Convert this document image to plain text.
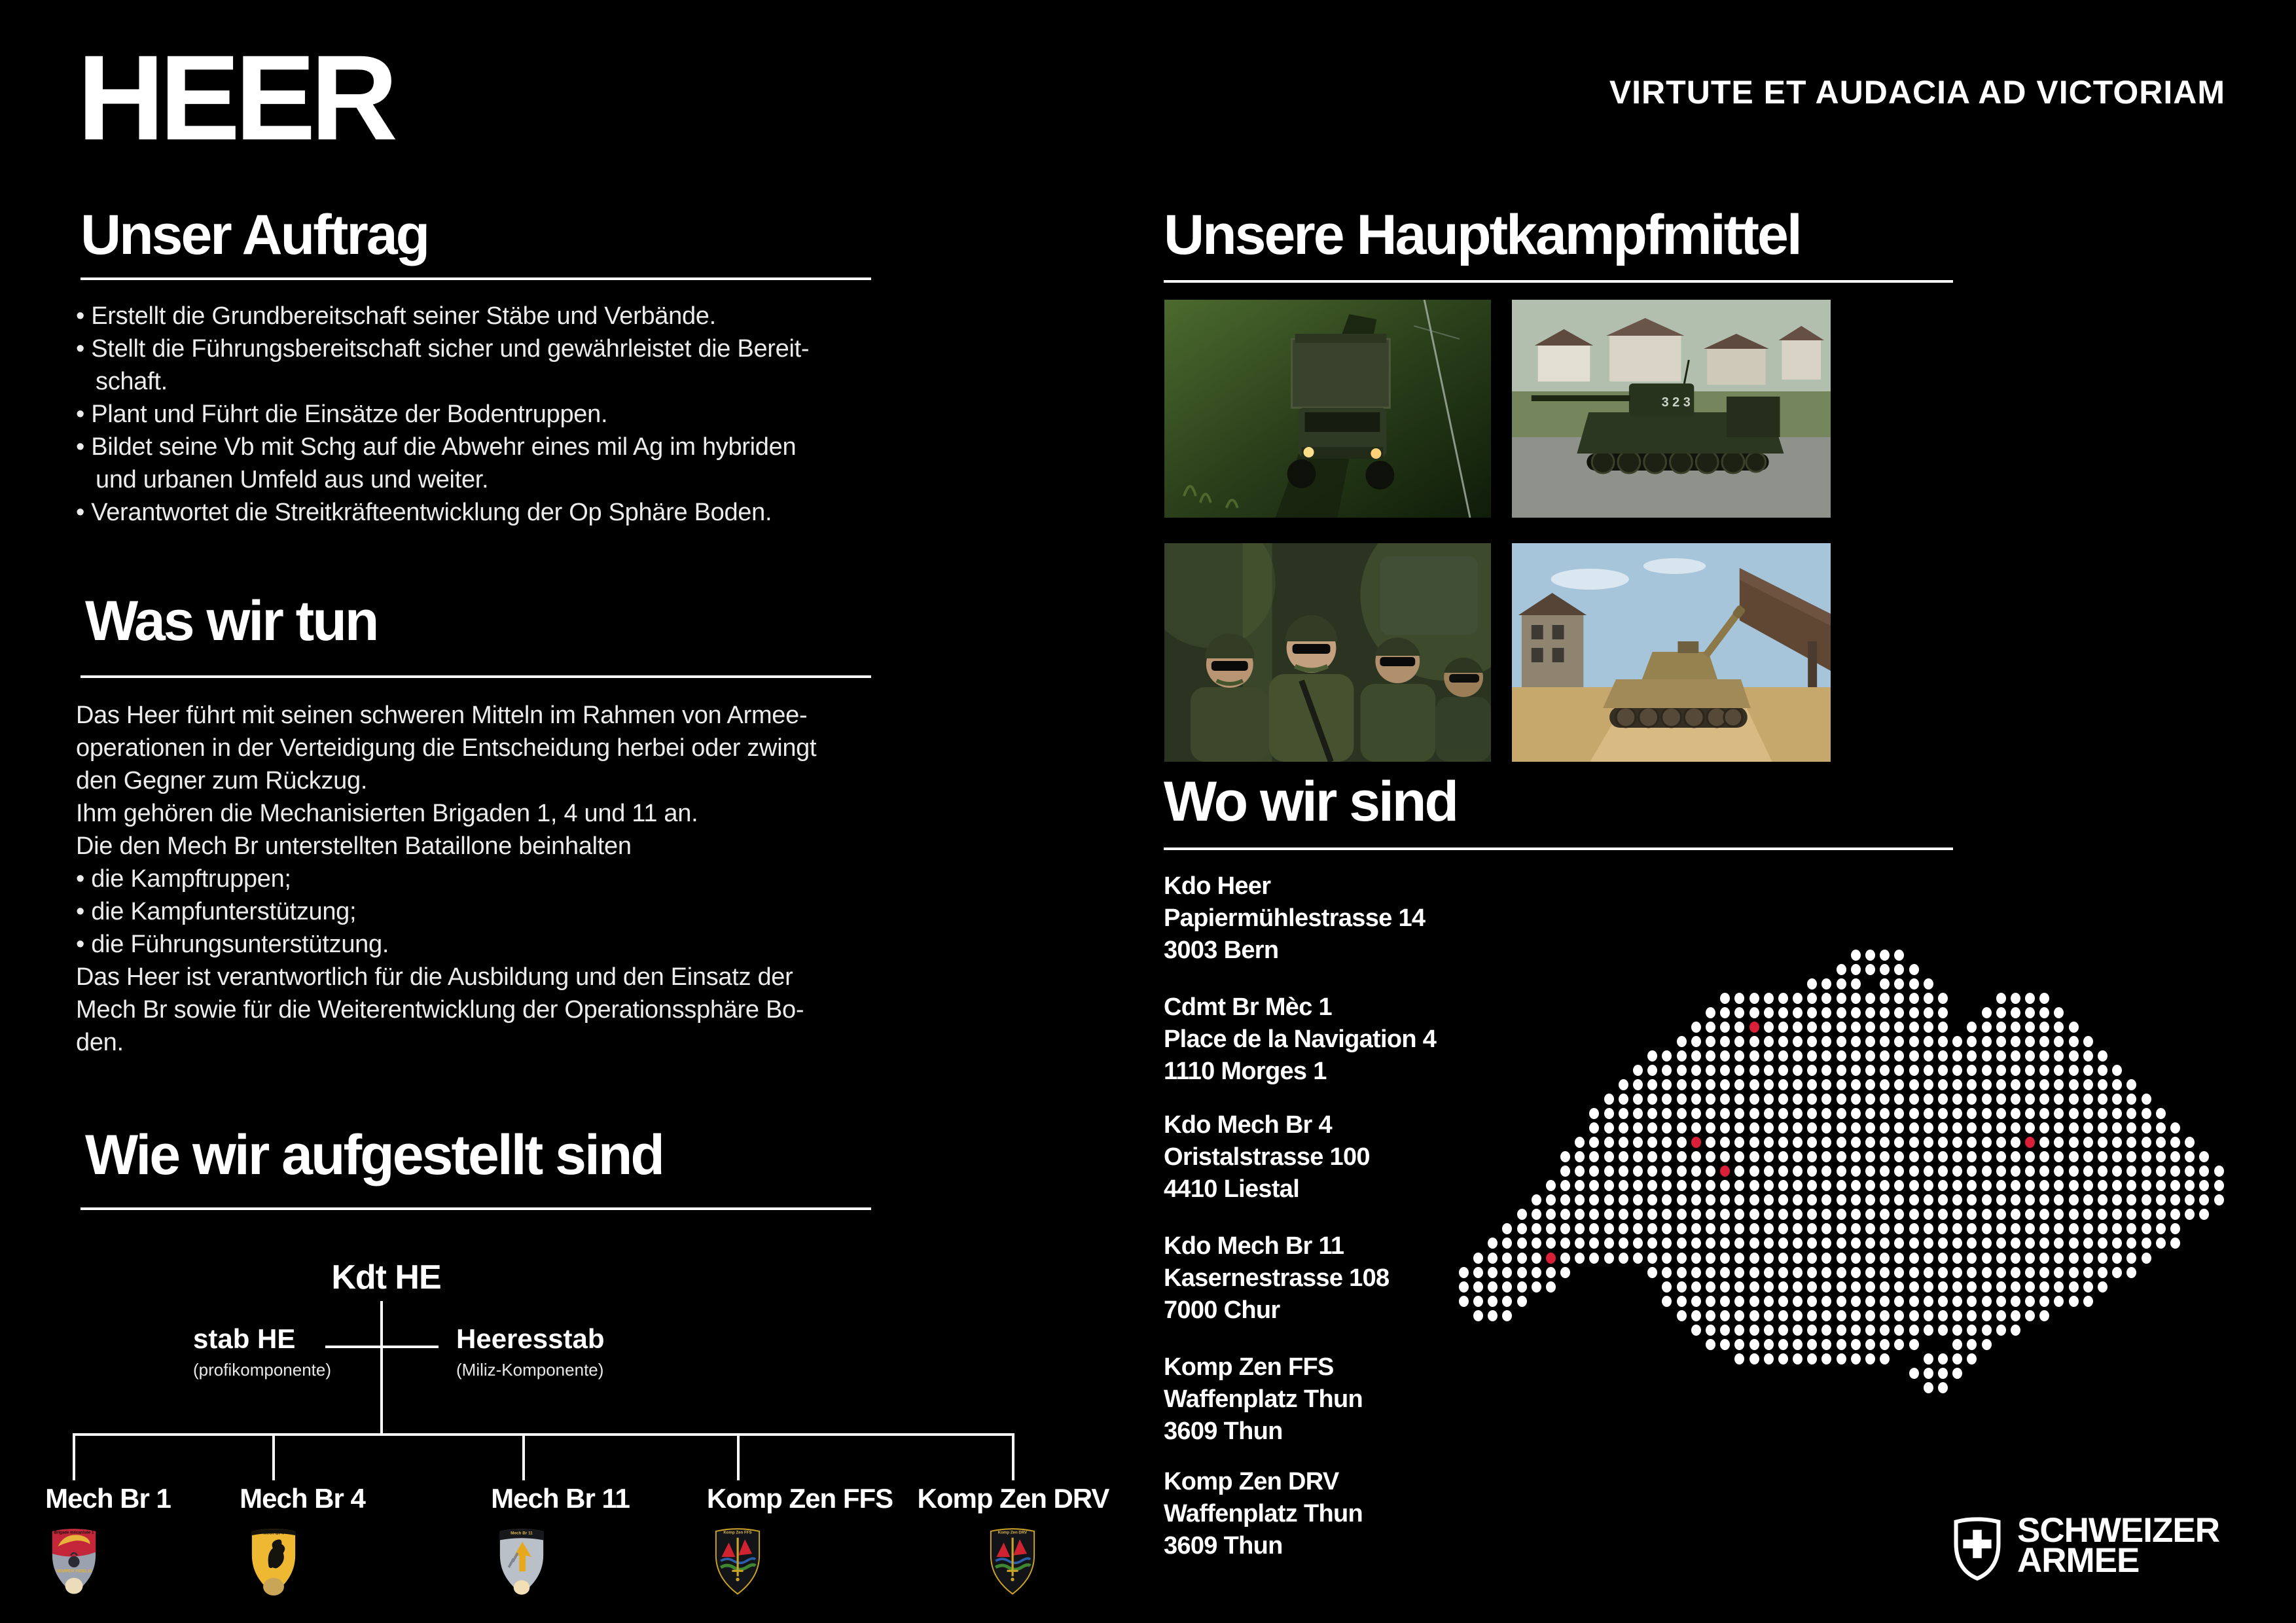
HEER	VIRTUTE ET AUDACIA AD VICTORIAM
Unser Auftrag
• Erstellt die Grundbereitschaft seiner Stäbe und Verbände.
• Stellt die Führungsbereitschaft sicher und gewährleistet die Bereit-
schaft.
• Plant und Führt die Einsätze der Bodentruppen.
• Bildet seine Vb mit Schg auf die Abwehr eines mil Ag im hybriden
und urbanen Umfeld aus und weiter.
• Verantwortet die Streitkräfteentwicklung der Op Sphäre Boden.
Was wir tun
Das Heer führt mit seinen schweren Mitteln im Rahmen von Armee-
operationen in der Verteidigung die Entscheidung herbei oder zwingt
den Gegner zum Rückzug.
Ihm gehören die Mechanisierten Brigaden 1, 4 und 11 an.
Die den Mech Br unterstellten Bataillone beinhalten
• die Kampftruppen;
• die Kampfunterstützung;
• die Führungsunterstützung.
Das Heer ist verantwortlich für die Ausbildung und den Einsatz der
Mech Br sowie für die Weiterentwicklung der Operationssphäre Bo-
den.
Wie wir aufgestellt sind
Kdt HE
stab HE
(profikomponente)
Heeresstab
(Miliz-Komponente)
Mech Br 1
Brigade mécanisée 1
SEMPER FIDELIS
Mech Br 4
Mech Br 4
Mech Br 11
Mech Br 11
Komp Zen FFS
Komp Zen FFS
Komp Zen DRV
Komp Zen DRV
Unsere Hauptkampfmittel
3 2 3
Wo wir sind
Kdo Heer
Papiermühlestrasse 14
3003 Bern
Cdmt Br Mèc 1
Place de la Navigation 4
1110 Morges 1
Kdo Mech Br 4
Oristalstrasse 100
4410 Liestal
Kdo Mech Br 11
Kasernestrasse 108
7000 Chur
Komp Zen FFS
Waffenplatz Thun
3609 Thun
Komp Zen DRV
Waffenplatz Thun
3609 Thun	SCHWEIZER
ARMEE
